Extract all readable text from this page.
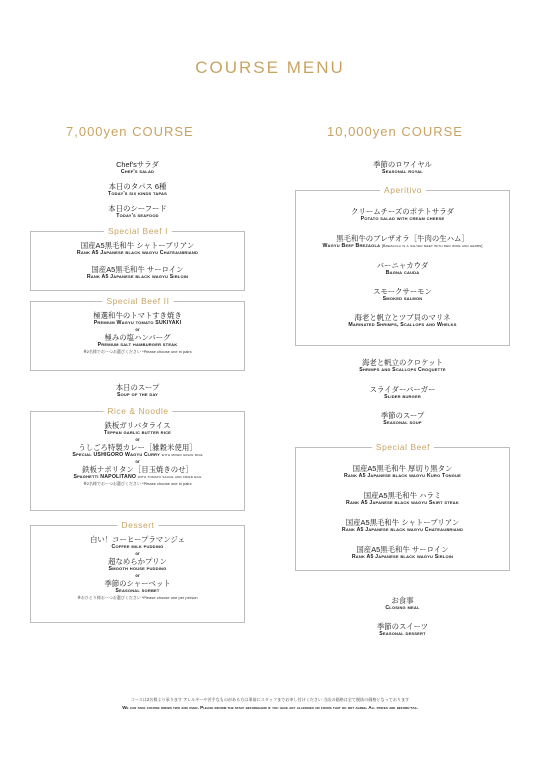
COURSE MENU
7,000yen COURSE
Chef'sサラダ
Chef's salad
本日のタパス 6種
Today's six kinds tapas
本日のシーフード
Today's seafood
Special Beef I
国産A5黒毛和牛 シャトーブリアン
Rank A5 Japanese black wagyu Chateaubriand
国産A5黒毛和牛 サーロイン
Rank A5 Japanese black wagyu Sirloin
Special Beef II
極選和牛のトマトすき焼き
Premium Wagyu tomato SUKIYAKI
or
極みの塩ハンバーグ
Premium salt hamburger steak
※2名様でおーつお選びください *Please choose one in pairs
本日のスープ
Soup of the day
Rice & Noodle
鉄板ガリバタライス
Teppan garlic butter rice
or
うしごろ特製カレー［雑穀米使用］
Special USHIGORO Wagyu Curry with mixed grain rice
or
鉄板ナポリタン［目玉焼きのせ］
Spaghetti NAPOLITANO with tomato sauce and fried egg
※2名様でおーつお選びください *Please choose one in pairs
Dessert
白い！コーヒープラマンジェ
Coffee milk pudding
or
超なめらかプリン
Smooth house pudding
or
季節のシャーベット
Seasonal sorbet
※おひとり様おーつお選びください *Please choose one per person
10,000yen COURSE
季節のロワイヤル
Seasonal royal
Aperitivo
クリームチーズのポテトサラダ
Potato salad with cream cheese
黒毛和牛のブレザオラ［牛肉の生ハム］
Wagyu Beef Brezaola [Brezaola is a salted meet with red wine and herbs]
バーニャカウダ
Bagna cauda
スモークサーモン
Smoked salmon
海老と帆立とツブ貝のマリネ
Marinated Shrimps, Scallops and Whelks
海老と帆立のクロケット
Shrimps and Scallops Croquette
スライダーバーガー
Slider burger
季節のスープ
Seasonal soup
Special Beef
国産A5黒毛和牛 厚切り黒タン
Rank A5 Japanese black wagyu Kuro Tongue
国産A5黒毛和牛 ハラミ
Rank A5 Japanese black wagyu Skirt steak
国産A5黒毛和牛 シャトーブリアン
Rank A5 Japanese black wagyu Chateaubriand
国産A5黒毛和牛 サーロイン
Rank A5 Japanese black wagyu Sirloin
お食事
Closing meal
季節のスイーツ
Seasonal dessert
コースは2名様より承ります アレルギーや苦手なものがある方は事前にスタッフまでお申し付けください 当店の価格は全て税抜の価格となっております
We can take course order two and over. Please inform the staff beforehand if you have any allergies or foods that do not agree. All prices are before-tax.
